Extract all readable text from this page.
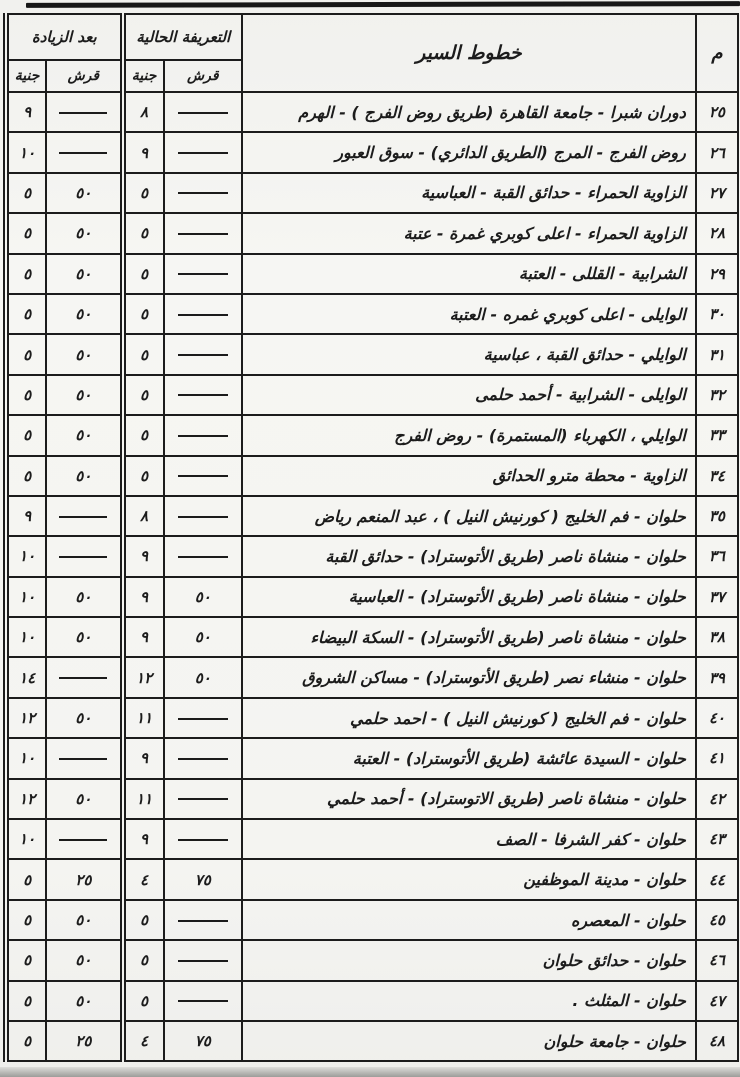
م	خطوط السير	التعريفة الحالية		بعد الزيادة	
		قرش	جنية	قرش	جنية
٢٥	دوران شبرا - جامعة القاهرة (طريق روض الفرج ) - الهرم		٨		٩
٢٦	روض الفرج - المرج (الطريق الدائري) - سوق العبور		٩		١٠
٢٧	الزاوية الحمراء - حدائق القبة - العباسية		٥	٥٠	٥
٢٨	الزاوية الحمراء - اعلى كوبري غمرة - عتبة		٥	٥٠	٥
٢٩	الشرابية - القللى - العتبة		٥	٥٠	٥
٣٠	الوايلى - اعلى كوبري غمره - العتبة		٥	٥٠	٥
٣١	الوايلي - حدائق القبة ، عباسية		٥	٥٠	٥
٣٢	الوايلى - الشرابية - أحمد حلمى		٥	٥٠	٥
٣٣	الوايلي ، الكهرباء (المستمرة) - روض الفرج		٥	٥٠	٥
٣٤	الزاوية - محطة مترو الحدائق		٥	٥٠	٥
٣٥	حلوان - فم الخليج ( كورنيش النيل ) ، عبد المنعم رياض		٨		٩
٣٦	حلوان - منشاة ناصر (طريق الأتوستراد) - حدائق القبة		٩		١٠
٣٧	حلوان - منشاة ناصر (طريق الأتوستراد) - العباسية	٥٠	٩	٥٠	١٠
٣٨	حلوان - منشاة ناصر (طريق الأتوستراد) - السكة البيضاء	٥٠	٩	٥٠	١٠
٣٩	حلوان - منشاء نصر (طريق الأتوستراد) - مساكن الشروق	٥٠	١٢		١٤
٤٠	حلوان - فم الخليج ( كورنيش النيل ) - احمد حلمي		١١	٥٠	١٢
٤١	حلوان - السيدة عائشة (طريق الأتوستراد) - العتبة		٩		١٠
٤٢	حلوان - منشاة ناصر (طريق الاتوستراد) - أحمد حلمي		١١	٥٠	١٢
٤٣	حلوان - كفر الشرفا - الصف		٩		١٠
٤٤	حلوان - مدينة الموظفين	٧٥	٤	٢٥	٥
٤٥	حلوان - المعصره		٥	٥٠	٥
٤٦	حلوان - حدائق حلوان		٥	٥٠	٥
٤٧	حلوان - المثلث .		٥	٥٠	٥
٤٨	حلوان - جامعة حلوان	٧٥	٤	٢٥	٥
